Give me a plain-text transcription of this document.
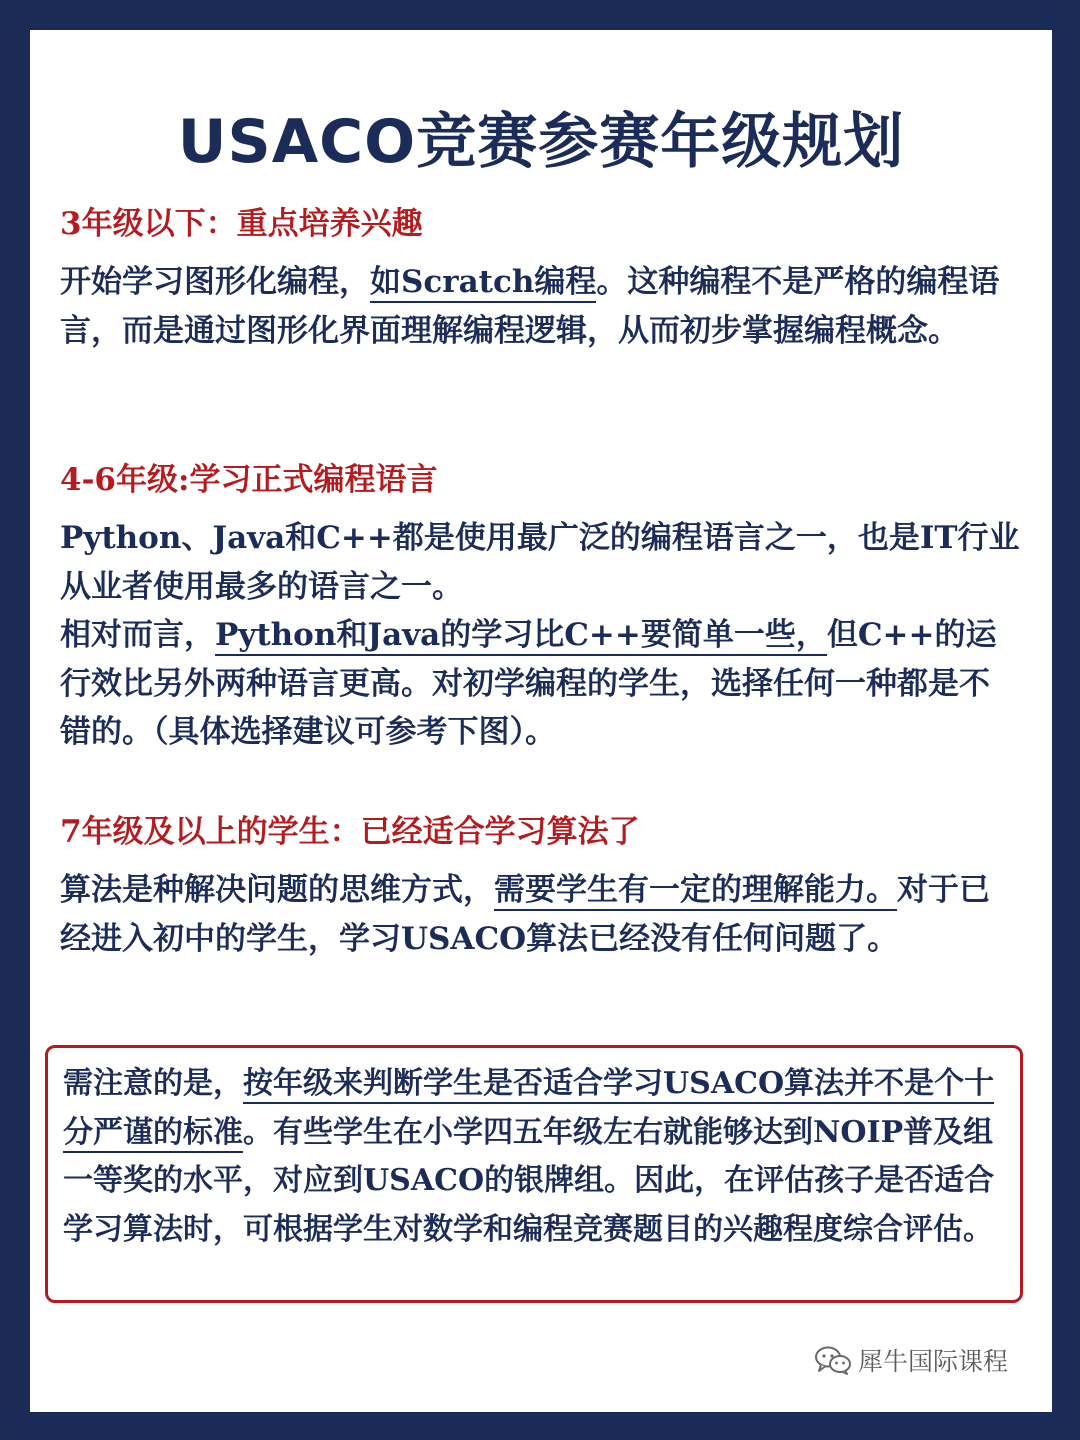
USACO竞赛参赛年级规划
3年级以下：重点培养兴趣
开始学习图形化编程，如Scratch编程。这种编程不是严格的编程语言，而是通过图形化界面理解编程逻辑，从而初步掌握编程概念。
4-6年级:学习正式编程语言
Python、Java和C++都是使用最广泛的编程语言之一，也是IT行业从业者使用最多的语言之一。
相对而言，Python和Java的学习比C++要简单一些，但C++的运行效比另外两种语言更高。对初学编程的学生，选择任何一种都是不错的。（具体选择建议可参考下图）。
7年级及以上的学生：已经适合学习算法了
算法是种解决问题的思维方式，需要学生有一定的理解能力。对于已经进入初中的学生，学习USACO算法已经没有任何问题了。
需注意的是，按年级来判断学生是否适合学习USACO算法并不是个十分严谨的标准。有些学生在小学四五年级左右就能够达到NOIP普及组一等奖的水平，对应到USACO的银牌组。因此，在评估孩子是否适合学习算法时，可根据学生对数学和编程竞赛题目的兴趣程度综合评估。
犀牛国际课程
